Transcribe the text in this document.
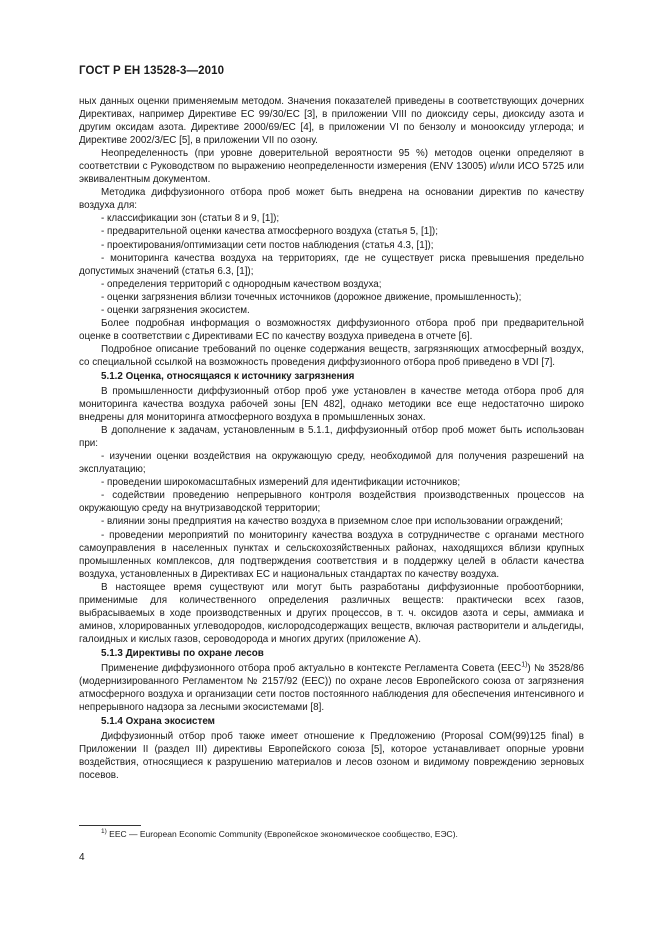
ГОСТ Р ЕН 13528-3—2010

ных данных оценки применяемым методом. Значения показателей приведены в соответствующих дочерних Директивах, например Директиве ЕС 99/30/ЕС [3], в приложении VIII по диоксиду серы, диоксиду азота и другим оксидам азота. Директиве 2000/69/ЕС [4], в приложении VI по бензолу и монооксиду углерода; и Директиве 2002/3/ЕС [5], в приложении VII по озону.

Неопределенность (при уровне доверительной вероятности 95 %) методов оценки определяют в соответствии с Руководством по выражению неопределенности измерения (ENV 13005) и/или ИСО 5725 или эквивалентным документом.

Методика диффузионного отбора проб может быть внедрена на основании директив по качеству воздуха для:

- классификации зон (статьи 8 и 9, [1]);

- предварительной оценки качества атмосферного воздуха (статья 5, [1]);

- проектирования/оптимизации сети постов наблюдения (статья 4.3, [1]);

- мониторинга качества воздуха на территориях, где не существует риска превышения предельно допустимых значений (статья 6.3, [1]);

- определения территорий с однородным качеством воздуха;

- оценки загрязнения вблизи точечных источников (дорожное движение, промышленность);

- оценки загрязнения экосистем.

Более подробная информация о возможностях диффузионного отбора проб при предварительной оценке в соответствии с Директивами ЕС по качеству воздуха приведена в отчете [6].

Подробное описание требований по оценке содержания веществ, загрязняющих атмосферный воздух, со специальной ссылкой на возможность проведения диффузионного отбора проб приведено в VDI [7].

5.1.2 Оценка, относящаяся к источнику загрязнения

В промышленности диффузионный отбор проб уже установлен в качестве метода отбора проб для мониторинга качества воздуха рабочей зоны [EN 482], однако методики все еще недостаточно широко внедрены для мониторинга атмосферного воздуха в промышленных зонах.

В дополнение к задачам, установленным в 5.1.1, диффузионный отбор проб может быть использован при:

- изучении оценки воздействия на окружающую среду, необходимой для получения разрешений на эксплуатацию;

- проведении широкомасштабных измерений для идентификации источников;

- содействии проведению непрерывного контроля воздействия производственных процессов на окружающую среду на внутризаводской территории;

- влиянии зоны предприятия на качество воздуха в приземном слое при использовании ограждений;

- проведении мероприятий по мониторингу качества воздуха в сотрудничестве с органами местного самоуправления в населенных пунктах и сельскохозяйственных районах, находящихся вблизи крупных промышленных комплексов, для подтверждения соответствия и в поддержку целей в области качества воздуха, установленных в Директивах ЕС и национальных стандартах по качеству воздуха.

В настоящее время существуют или могут быть разработаны диффузионные пробоотборники, применимые для количественного определения различных веществ: практически всех газов, выбрасываемых в ходе производственных и других процессов, в т. ч. оксидов азота и серы, аммиака и аминов, хлорированных углеводородов, кислородсодержащих веществ, включая растворители и альдегиды, галоидных и кислых газов, сероводорода и многих других (приложение А).

5.1.3 Директивы по охране лесов

Применение диффузионного отбора проб актуально в контексте Регламента Совета (EEC$^{1)}$) № 3528/86 (модернизированного Регламентом № 2157/92 (EEC)) по охране лесов Европейского союза от загрязнения атмосферного воздуха и организации сети постов постоянного наблюдения для обеспечения интенсивного и непрерывного надзора за лесными экосистемами [8].

5.1.4 Охрана экосистем

Диффузионный отбор проб также имеет отношение к Предложению (Proposal COM(99)125 final) в Приложении II (раздел III) директивы Европейского союза [5], которое устанавливает опорные уровни воздействия, относящиеся к разрушению материалов и лесов озоном и видимому повреждению зерновых посевов.

$^{1)}$ EEC — European Economic Community (Европейское экономическое сообщество, ЕЭС).
4
